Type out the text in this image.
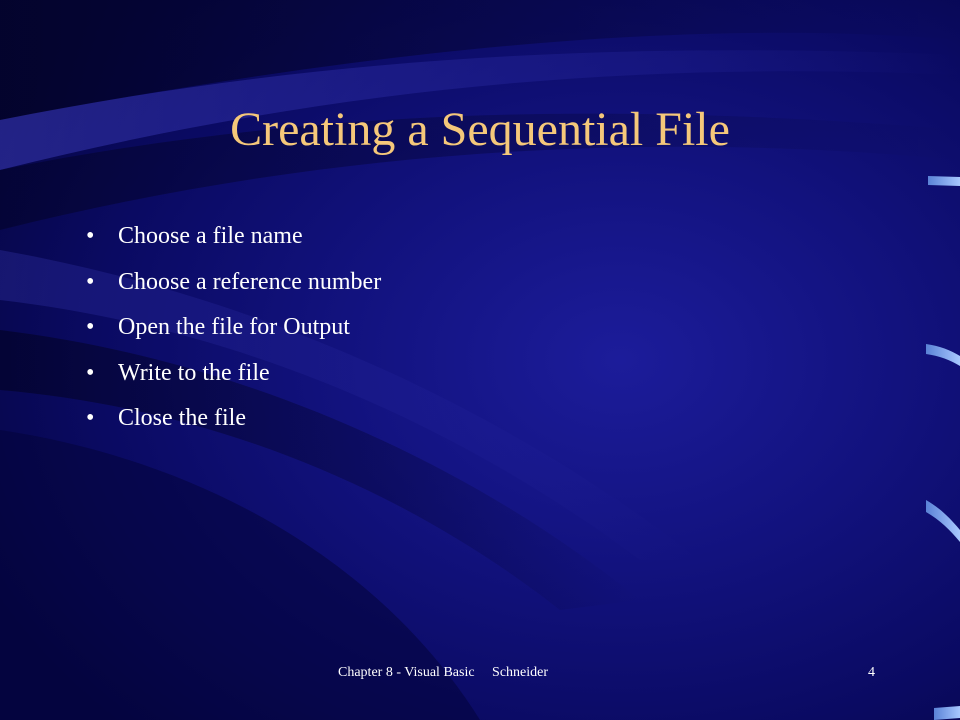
Creating a Sequential File
• Choose a file name
• Choose a reference number
• Open the file for Output
• Write to the file
• Close the file
Chapter 8 - Visual Basic     Schneider	4
